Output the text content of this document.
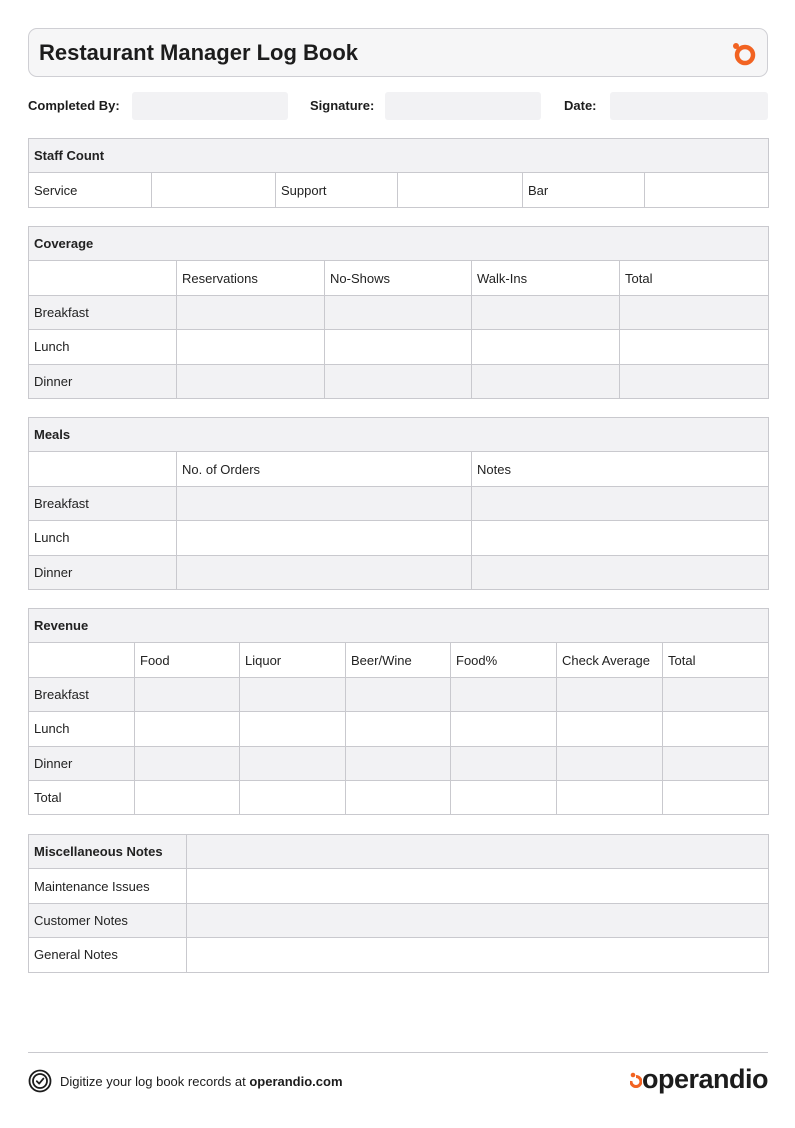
Restaurant Manager Log Book
Completed By:	Signature:	Date:
Staff Count
Service		Support		Bar	
Coverage				
	Reservations	No-Shows	Walk-Ins	Total
Breakfast				
Lunch				
Dinner				
Meals		
	No. of Orders	Notes
Breakfast		
Lunch		
Dinner		
Revenue						
	Food	Liquor	Beer/Wine	Food%	Check Average	Total
Breakfast						
Lunch						
Dinner						
Total						
Miscellaneous Notes	
Maintenance Issues	
Customer Notes	
General Notes	
Digitize your log book records at
operandio.com	operandio
